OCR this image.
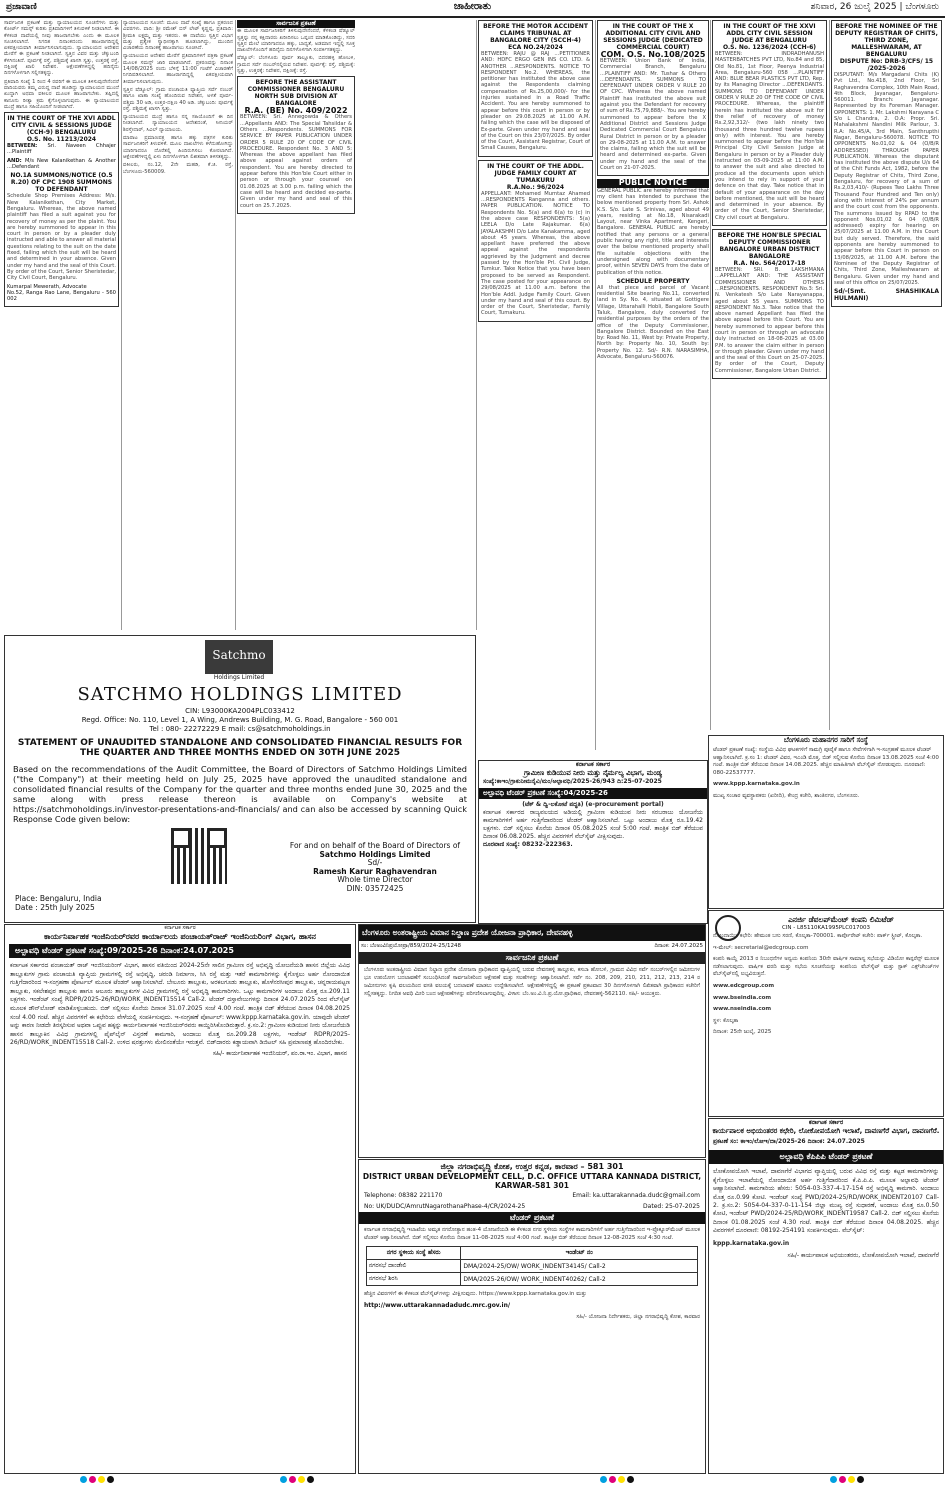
ಪ್ರಜಾವಾಣಿ	ಜಾಹೀರಾತು	ಶನಿವಾರ, 26 ಜುಲೈ 2025 | ಬೆಂಗಳೂರು

ಸಾರ್ವಜನಿಕ ಪ್ರಕಟಣೆ ಮತ್ತು ನ್ಯಾಯಾಲಯದ ಸೂಚನೆಗಳು ಮತ್ತು ಕೋರ್ಟ್ ಸಮನ್ಸ್ ಕುರಿತು ಪ್ರತಿವಾದಿಗಳಿಗೆ ತಿಳುವಳಿಕೆ ನೀಡಲಾಗಿದೆ. ಈ ಕೆಳಕಂಡ ದಾವೆಯಲ್ಲಿ ನೀವು ಹಾಜರಾಗಬೇಕು ಎಂದು ಈ ಮೂಲಕ ಸೂಚಿಸಲಾಗಿದೆ. ನಿಗದಿತ ದಿನಾಂಕದಂದು ಹಾಜರಾಗದಿದ್ದಲ್ಲಿ ಏಕಪಕ್ಷೀಯವಾಗಿ ತೀರ್ಮಾನಿಸಲಾಗುವುದು. ನ್ಯಾಯಾಲಯದ ಆದೇಶದ ಮೇರೆಗೆ ಈ ಪ್ರಕಟಣೆ ನೀಡಲಾಗಿದೆ. ಸ್ವತ್ತಿನ ವಿವರ ಮತ್ತು ಚೆಕ್ಕುಬಂದಿ ಕೆಳಗಿನಂತಿದೆ. ಪೂರ್ವಕ್ಕೆ ರಸ್ತೆ, ಪಶ್ಚಿಮಕ್ಕೆ ಖಾಸಗಿ ಸ್ವತ್ತು, ಉತ್ತರಕ್ಕೆ ರಸ್ತೆ, ದಕ್ಷಿಣಕ್ಕೆ ಖಾಲಿ ನಿವೇಶನ. ಆಕ್ಷೇಪಣೆಗಳಿದ್ದಲ್ಲಿ ಹದಿನೈದು ದಿನಗಳೊಳಗಾಗಿ ಸಲ್ಲಿಸತಕ್ಕದ್ದು.

ಪ್ರತಿವಾದಿ ಸಂಖ್ಯೆ 1 ರಿಂದ 4 ರವರಿಗೆ ಈ ಮೂಲಕ ತಿಳಿಸುವುದೇನೆಂದರೆ ವಾದಿಯವರು ತಮ್ಮ ವಿರುದ್ಧ ದಾವೆ ಹೂಡಿದ್ದು ನ್ಯಾಯಾಲಯದ ಮುಂದೆ ಖುದ್ದಾಗಿ ಅಥವಾ ವಕೀಲರ ಮೂಲಕ ಹಾಜರಾಗಬೇಕು. ತಪ್ಪಿದಲ್ಲಿ ಕಾನೂನು ರೀತ್ಯಾ ಕ್ರಮ ಕೈಗೊಳ್ಳಲಾಗುವುದು. ಈ ನ್ಯಾಯಾಲಯದ ಮುದ್ರೆ ಹಾಗೂ ಸಹಿಯೊಂದಿಗೆ ನೀಡಲಾಗಿದೆ.

IN THE COURT OF THE XVI ADDL CITY CIVIL & SESSIONS JUDGE (CCH-9) BENGALURU
O.S. No. 11213/2024

BETWEEN: Sri. Naveen Chhajer ...Plaintiff

AND: M/s New Kalanikethan & Another ...Defendant

NO.1A SUMMONS/NOTICE (O.5 R.20) OF CPC 1908 SUMMONS TO DEFENDANT

Schedule Shop Premises Address: M/s. New Kalanikethan, City Market, Bengaluru. Whereas, the above named plaintiff has filed a suit against you for recovery of money as per the plaint. You are hereby summoned to appear in this court in person or by a pleader duly instructed and able to answer all material questions relating to the suit on the date fixed, failing which the suit will be heard and determined in your absence. Given under my hand and the seal of this Court. By order of the Court, Senior Sheristedar, City Civil Court, Bengaluru.

Kumarpal Mewerath, Advocate
No.52, Ranga Rao Lane, Bengaluru - 560 002

ನ್ಯಾಯಾಲಯದ ಸೂಚನೆ: ಮೂಲ ದಾವೆ ಸಂಖ್ಯೆ ಹಾಗೂ ಪ್ರಕರಣದ ವಿವರಗಳು. ವಾದಿ: ಶ್ರೀ ರಮೇಶ್ ಬಿನ್ ಲೇಟ್ ಕೃಷ್ಣಪ್ಪ, ಪ್ರತಿವಾದಿ: ಶ್ರೀಮತಿ ಲಕ್ಷ್ಮಮ್ಮ ಮತ್ತು ಇತರರು. ಈ ದಾವೆಯು ಸ್ವತ್ತಿನ ವಿಭಾಗ ಮತ್ತು ಪ್ರತ್ಯೇಕ ಸ್ವಾಧೀನಕ್ಕಾಗಿ ಹೂಡಲಾಗಿದ್ದು, ಮುಂದಿನ ವಿಚಾರಣೆಯ ದಿನಾಂಕಕ್ಕೆ ಹಾಜರಾಗಲು ಸೂಚಿಸಿದೆ.

ನ್ಯಾಯಾಲಯದ ಆದೇಶದ ಮೇರೆಗೆ ಪ್ರತಿವಾದಿಗಳಿಗೆ ಪತ್ರಿಕಾ ಪ್ರಕಟಣೆ ಮೂಲಕ ಸಮನ್ಸ್ ಜಾರಿ ಮಾಡಲಾಗಿದೆ. ಪ್ರಕರಣವನ್ನು ದಿನಾಂಕ 14/08/2025 ರಂದು ಬೆಳಿಗ್ಗೆ 11:00 ಗಂಟೆಗೆ ವಿಚಾರಣೆಗೆ ನಿಗದಿಪಡಿಸಲಾಗಿದೆ. ಹಾಜರಾಗದಿದ್ದಲ್ಲಿ ಏಕಪಕ್ಷೀಯವಾಗಿ ತೀರ್ಮಾನಿಸಲಾಗುವುದು.

ಸ್ವತ್ತಿನ ಷೆಡ್ಯೂಲ್: ಗ್ರಾಮ ಪಂಚಾಯತಿ ವ್ಯಾಪ್ತಿಯ ಸರ್ವೆ ನಂಬರ್ ಹಾಗೂ ಖಾತಾ ಸಂಖ್ಯೆ ಹೊಂದಿರುವ ನಿವೇಶನ, ಅಳತೆ ಪೂರ್ವ-ಪಶ್ಚಿಮ 30 ಅಡಿ, ಉತ್ತರ-ದಕ್ಷಿಣ 40 ಅಡಿ. ಚೆಕ್ಕುಬಂದಿ: ಪೂರ್ವಕ್ಕೆ ರಸ್ತೆ, ಪಶ್ಚಿಮಕ್ಕೆ ಖಾಸಗಿ ಸ್ವತ್ತು.

ನ್ಯಾಯಾಲಯದ ಮುದ್ರೆ ಹಾಗೂ ನನ್ನ ಸಹಿಯೊಂದಿಗೆ ಈ ದಿನ ನೀಡಲಾಗಿದೆ. ನ್ಯಾಯಾಲಯದ ಆದೇಶದಂತೆ, ಸೀನಿಯರ್ ಶಿರಸ್ತೇದಾರ್, ಸಿವಿಲ್ ನ್ಯಾಯಾಲಯ.

ಮಾರಾಟ ಪ್ರಮಾಣಪತ್ರ ಹಾಗೂ ಹಕ್ಕು ಪತ್ರಗಳ ಕುರಿತು ಸಾರ್ವಜನಿಕರಿಗೆ ತಿಳುವಳಿಕೆ. ಮೂಲ ದಾಖಲೆಗಳು ಕಳೆದುಹೋಗಿದ್ದು ಯಾರಿಗಾದರೂ ದೊರೆತಲ್ಲಿ ಹಿಂದಿರುಗಿಸಲು ಕೋರಲಾಗಿದೆ. ಆಕ್ಷೇಪಣೆಗಳಿದ್ದಲ್ಲಿ ಏಳು ದಿನಗಳೊಳಗಾಗಿ ಲಿಖಿತವಾಗಿ ತಿಳಿಸತಕ್ಕದ್ದು.

ವಕೀಲರು, ನಂ.12, 2ನೇ ಮಹಡಿ, ಕೆ.ಜಿ. ರಸ್ತೆ, ಬೆಂಗಳೂರು-560009.

ಸಾರ್ವಜನಿಕ ಪ್ರಕಟಣೆ

ಈ ಮೂಲಕ ಸಾರ್ವಜನಿಕರಿಗೆ ತಿಳಿಸುವುದೇನೆಂದರೆ, ಕೆಳಕಂಡ ಷೆಡ್ಯೂಲ್ ಸ್ವತ್ತನ್ನು ನನ್ನ ಕಕ್ಷಿದಾರರು ಖರೀದಿಸಲು ಒಪ್ಪಂದ ಮಾಡಿಕೊಂಡಿದ್ದು, ಸದರಿ ಸ್ವತ್ತಿನ ಮೇಲೆ ಯಾರಿಗಾದರೂ ಹಕ್ಕು, ಬಾಧ್ಯತೆ, ಅಡಮಾನ ಇದ್ದಲ್ಲಿ ಸೂಕ್ತ ದಾಖಲೆಗಳೊಂದಿಗೆ ಹದಿನೈದು ದಿನಗಳೊಳಗಾಗಿ ಸಂಪರ್ಕಿಸತಕ್ಕದ್ದು.

ಷೆಡ್ಯೂಲ್: ಬೆಂಗಳೂರು ಪೂರ್ವ ತಾಲ್ಲೂಕು, ಬಿದರಹಳ್ಳಿ ಹೋಬಳಿ, ಗ್ರಾಮದ ಸರ್ವೆ ನಂಬರ್‌ನಲ್ಲಿರುವ ನಿವೇಶನ. ಪೂರ್ವಕ್ಕೆ: ರಸ್ತೆ, ಪಶ್ಚಿಮಕ್ಕೆ: ಸ್ವತ್ತು, ಉತ್ತರಕ್ಕೆ: ನಿವೇಶನ, ದಕ್ಷಿಣಕ್ಕೆ: ರಸ್ತೆ.

BEFORE THE ASSISTANT COMMISSIONER BENGALURU NORTH SUB DIVISION AT BANGALORE
R.A. (BE) No. 409/2022

BETWEEN: Sri. Annegowda & Others ...Appellants AND: The Special Tahsildar & Others ...Respondents. SUMMONS FOR SERVICE BY PAPER PUBLICATION UNDER ORDER 5 RULE 20 OF CODE OF CIVIL PROCEDURE. Respondent No. 3 AND 5: Whereas the above appellant has filed above appeal against orders of respondent. You are hereby directed to appear before this Hon'ble Court either in person or through your counsel on 01.08.2025 at 3.00 p.m. failing which the case will be heard and decided ex-parte. Given under my hand and seal of this court on 25.7.2025.

BEFORE THE MOTOR ACCIDENT CLAIMS TRIBUNAL AT BANGALORE CITY (SCCH-4)
ECA NO.24/2024

BETWEEN: RAJU @ RAJ ...PETITIONER AND: HDFC ERGO GEN INS CO. LTD. & ANOTHER ...RESPONDENTS. NOTICE TO RESPONDENT No.2. WHEREAS, the petitioner has instituted the above case against the Respondents claiming compensation of Rs.25,00,000/- for the injuries sustained in a Road Traffic Accident. You are hereby summoned to appear before this court in person or by pleader on 29.08.2025 at 11.00 A.M. failing which the case will be disposed of Ex-parte. Given under my hand and seal of the Court on this 23/07/2025. By order of the Court, Assistant Registrar, Court of Small Causes, Bengaluru.

IN THE COURT OF THE ADDL. JUDGE FAMILY COURT AT TUMAKURU
R.A.No.: 96/2024

APPELLANT: Mohamed Mumtaz Ahamed ...RESPONDENTS Ranganna and others. PAPER PUBLICATION. NOTICE TO Respondents No. 5(a) and 6(a) to (c) in the above case RESPONDENTS: 5(a) LEELA D/o Late Rajakumar. 6(a) JAYALAKSHMI D/o Late Kanakamma, aged about 45 years. Whereas, the above appellant have preferred the above appeal against the respondents aggrieved by the Judgment and decree passed by the Hon'ble Prl. Civil Judge, Tumkur. Take Notice that you have been proposed to be served as Respondent. The case posted for your appearance on 29/08/2025 at 11.00 a.m. before the Hon'ble Addl. Judge Family Court. Given under my hand and seal of this court. By order of the Court, Sheristedar, Family Court, Tumakuru.

IN THE COURT OF THE X ADDITIONAL CITY CIVIL AND SESSIONS JUDGE (DEDICATED COMMERCIAL COURT)
COM. O.S. No.108/2025

BETWEEN: Union Bank of India, Commercial Branch, Bengaluru ...PLAINTIFF AND: Mr. Tushar & Others ...DEFENDANTS. SUMMONS TO DEFENDANT UNDER ORDER V RULE 20 OF CPC. Whereas the above named Plaintiff has instituted the above suit against you the Defendant for recovery of sum of Rs.75,79,888/-. You are hereby summoned to appear before the X Additional District and Sessions Judge Dedicated Commercial Court Bengaluru Rural District in person or by a pleader on 29-08-2025 at 11.00 A.M. to answer the claims, failing which the suit will be heard and determined ex-parte. Given under my hand and the seal of the Court on 21-07-2025.

PUBLIC NOTICE

GENERAL PUBLIC are hereby informed that my client has intended to purchase the below mentioned property from Sri. Ashok K.S. S/o. Late S. Srinivas, aged about 49 years, residing at No.18, Nisarakadi Layout, near Vinka Apartment, Kengeri, Bangalore. GENERAL PUBLIC are hereby notified that any persons or a general public having any right, title and interests over the below mentioned property shall file suitable objections with the undersigned along with documentary proof, within SEVEN DAYS from the date of publication of this notice.

SCHEDULE PROPERTY

All that piece and parcel of Vacant residential Site bearing No.11, converted land in Sy. No. 4, situated at Gottigere Village, Uttarahalli Hobli, Bangalore South Taluk, Bangalore, duly converted for residential purposes by the orders of the office of the Deputy Commissioner, Bangalore District. Bounded on the East by: Road No. 11, West by: Private Property, North by: Property No. 10, South by: Property No. 12. Sd/- R.N. NARASIMHA, Advocate, Bengaluru-560076.

IN THE COURT OF THE XXVI ADDL CITY CIVIL SESSION JUDGE AT BENGALURU
O.S. No. 1236/2024 (CCH-6)

BETWEEN: INDRADHANUSH MASTERBATCHES PVT LTD, No.84 and 85, Old No.81, 1st Floor, Peenya Industrial Area, Bengaluru-560 058 ...PLAINTIFF AND: BLUE BEAR PLASTICS PVT LTD, Rep. by its Managing Director ...DEFENDANTS. SUMMONS TO DEFENDANT UNDER ORDER V RULE 20 OF THE CODE OF CIVIL PROCEDURE. Whereas, the plaintiff herein has instituted the above suit for the relief of recovery of money Rs.2,92,312/- (two lakh ninety two thousand three hundred twelve rupees only) with interest. You are hereby summoned to appear before the Hon'ble Principal City Civil Session Judge at Bengaluru in person or by a Pleader duly instructed on 03-09-2025 at 11:00 A.M. to answer the suit and also directed to produce all the documents upon which you intend to rely in support of your defence on that day. Take notice that in default of your appearance on the day before mentioned, the suit will be heard and determined in your absence. By order of the Court, Senior Sheristedar, City civil court at Bengaluru.

BEFORE THE HON'BLE SPECIAL DEPUTY COMMISSIONER BANGALORE URBAN DISTRICT BANGALORE
R.A. No. 564/2017-18

BETWEEN: SRI. B. LAKSHMANA ...APPELLANT AND: THE ASSISTANT COMMISSIONER AND OTHERS ...RESPONDENTS. RESPONDENT No.3: Sri. N. Venkatesh S/o Late Narayanappa, aged about 55 years. SUMMONS TO RESPONDENT No.3. Take notice that the above named Appellant has filed the above appeal before this Court. You are hereby summoned to appear before this court in person or through an advocate duly instructed on 18-08-2025 at 03.00 P.M. to answer the claim either in person or through pleader. Given under my hand and the seal of this Court on 25-07-2025. By order of the Court, Deputy Commissioner, Bangalore Urban District.

BEFORE THE NOMINEE OF THE DEPUTY REGISTRAR OF CHITS, THIRD ZONE, MALLESHWARAM, AT BENGALURU
DISPUTE No: DRB-3/CFS/ 15 /2025-2026

DISPUTANT: M/s Margadarsi Chits (K) Pvt Ltd., No.418, 2nd Floor, Sri Raghavendra Complex, 10th Main Road, 4th Block, Jayanagar, Bengaluru-560011. Branch: Jayanagar. Represented by its Foreman Manager. OPPONENTS: 1. Mr. Lakshmi Narayana C S/o L Chandra, 2. O.A: Propr. Sri. Mahalakshmi Nandini Milk Parlour, 3. R.A: No.45/A, 3rd Main, Santhrupthi Nagar, Bengaluru-560078. NOTICE TO OPPONENTS No.01,02 & 04 (O/B/R ADDRESSED) THROUGH PAPER PUBLICATION. Whereas the disputant has instituted the above dispute U/s 64 of the Chit Funds Act, 1982, before the Deputy Registrar of Chits, Third Zone, Bengaluru, for recovery of a sum of Rs.2,03,410/- (Rupees Two Lakhs Three Thousand Four Hundred and Ten only) along with interest of 24% per annum and the court cost from the opponents. The summons issued by RPAD to the opponent Nos.01,02 & 04 (O/B/R addressed) expiry for hearing on 25/07/2025 at 11.00 A.M. in this Court but duly served. Therefore, the said opponents are hereby summoned to appear before this Court in person on 13/08/2025, at 11.00 A.M. before the Nominee of the Deputy Registrar of Chits, Third Zone, Malleshwaram at Bengaluru. Given under my hand and seal of this office on 25/07/2025.

Sd/-(Smt. SHASHIKALA HULMANI)

Satchmo
Holdings Limited
SATCHMO HOLDINGS LIMITED
CIN: L93000KA2004PLC033412
Regd. Office: No. 110, Level 1, A Wing, Andrews Building, M. G. Road, Bangalore - 560 001
Tel : 080- 22272229 E mail: cs@satchmoholdings.in
STATEMENT OF UNAUDITED STANDALONE AND CONSOLIDATED FINANCIAL RESULTS FOR THE QUARTER AND THREE MONTHS ENDED ON 30TH JUNE 2025
Based on the recommendations of the Audit Committee, the Board of Directors of Satchmo Holdings Limited ("the Company") at their meeting held on July 25, 2025 have approved the unaudited standalone and consolidated financial results of the Company for the quarter and three months ended June 30, 2025 and the same along with press release thereon is available on Company's website at https://satchmoholdings.in/investor-presentations-and-financials/ and can also be accessed by scanning Quick Response Code given below:
For and on behalf of the Board of Directors of
Satchmo Holdings Limited
Sd/-
Ramesh Karur Raghavendran
Whole time Director
DIN: 03572425
Place: Bengaluru, India
Date : 25th July 2025
ಕರ್ನಾಟಕ ಸರ್ಕಾರ
ಗ್ರಾಮೀಣ ಕುಡಿಯುವ ನೀರು ಮತ್ತು ನೈರ್ಮಲ್ಯ ವಿಭಾಗ, ಮಂಡ್ಯ
ಸಂಖ್ಯೆ:ಕಾಇಂ/ಗ್ರಾಕುನೀಮನೈವಿ/ಮಂ/ಅಲ್ಪಾವಧಿ/2025-26/943 ದಿ:25-07-2025
ಅಲ್ಪಾವಧಿ ಟೆಂಡರ್ ಪ್ರಕಟಣೆ ಸಂಖ್ಯೆ:04/2025-26
(ಟೆಕ್ & ದ್ವಿ-ಲಕೋಟೆ ಪದ್ಧತಿ) (e-procurement portal)
ಕರ್ನಾಟಕ ಸರ್ಕಾರದ ರಾಜ್ಯವಲಯದ ಅಡಿಯಲ್ಲಿ ಗ್ರಾಮೀಣ ಕುಡಿಯುವ ನೀರು ಸರಬರಾಜು ಯೋಜನೆಯ ಕಾಮಗಾರಿಗಳಿಗೆ ಅರ್ಹ ಗುತ್ತಿಗೆದಾರರಿಂದ ಟೆಂಡರ್ ಆಹ್ವಾನಿಸಲಾಗಿದೆ. ಒಟ್ಟು ಅಂದಾಜು ಮೊತ್ತ ರೂ.19.42 ಲಕ್ಷಗಳು. ಬಿಡ್ ಸಲ್ಲಿಸಲು ಕೊನೆಯ ದಿನಾಂಕ 05.08.2025 ಸಂಜೆ 5:00 ಗಂಟೆ. ತಾಂತ್ರಿಕ ಬಿಡ್ ತೆರೆಯುವ ದಿನಾಂಕ 06.08.2025. ಹೆಚ್ಚಿನ ವಿವರಗಳಿಗೆ ವೆಬ್‌ಸೈಟ್ ವೀಕ್ಷಿಸುವುದು.
ದೂರವಾಣಿ ಸಂಖ್ಯೆ: 08232-222363.
ಬೆಂಗಳೂರು ಮಹಾನಗರ ಸಾರಿಗೆ ಸಂಸ್ಥೆ
ಟೆಂಡರ್ ಪ್ರಕಟಣೆ ಸಂಖ್ಯೆ: ಸಂಸ್ಥೆಯ ವಿವಿಧ ಘಟಕಗಳಿಗೆ ಸಾಮಗ್ರಿ ಪೂರೈಕೆ ಹಾಗೂ ಸೇವೆಗಳಿಗಾಗಿ ಇ-ಸಂಗ್ರಹಣೆ ಮೂಲಕ ಟೆಂಡರ್ ಆಹ್ವಾನಿಸಲಾಗಿದೆ. ಕ್ರ.ಸಂ 1: ಟೆಂಡರ್ ವಿವರ, ಇಎಂಡಿ ಮೊತ್ತ, ಬಿಡ್ ಸಲ್ಲಿಸುವ ಕೊನೆಯ ದಿನಾಂಕ 13.08.2025 ಸಂಜೆ 4:00 ಗಂಟೆ. ತಾಂತ್ರಿಕ ಬಿಡ್ ತೆರೆಯುವ ದಿನಾಂಕ 14.08.2025. ಹೆಚ್ಚಿನ ಮಾಹಿತಿಗಾಗಿ ವೆಬ್‌ಸೈಟ್ ನೋಡುವುದು. ದೂರವಾಣಿ: 080-22537777.
www.kppp.karnataka.gov.in
ಮುಖ್ಯ ಸಂಚಾರ ವ್ಯವಸ್ಥಾಪಕರು (ಖರೀದಿ), ಕೇಂದ್ರ ಕಚೇರಿ, ಶಾಂತಿನಗರ, ಬೆಂಗಳೂರು.
ಎನರ್ಜಿ ಡೆವಲಪ್‌ಮೆಂಟ್ ಕಂಪನಿ ಲಿಮಿಟೆಡ್
CIN - L85110KA1995PLC017003
ನೋಂದಾಯಿತ ಕಛೇರಿ: ಹೇಮಂತ ಬಸು ಸರಣಿ, ಕೊಲ್ಕತಾ-700001. ಕಾರ್ಪೊರೇಟ್ ಕಚೇರಿ: ಪಾರ್ಕ್ ಸ್ಟ್ರೀಟ್, ಕೊಲ್ಕತಾ.
ಇ-ಮೇಲ್: secretarial@edcgroup.com
ಕಂಪನಿ ಕಾಯ್ದೆ 2013 ರ ನಿಬಂಧನೆಗಳ ಅನ್ವಯ ಕಂಪನಿಯ 30ನೇ ವಾರ್ಷಿಕ ಸಾಮಾನ್ಯ ಸಭೆಯನ್ನು ವಿಡಿಯೋ ಕಾನ್ಫರೆನ್ಸ್ ಮೂಲಕ ನಡೆಸಲಾಗುವುದು. ವಾರ್ಷಿಕ ವರದಿ ಮತ್ತು ಸಭೆಯ ಸೂಚನೆಯನ್ನು ಕಂಪನಿಯ ವೆಬ್‌ಸೈಟ್ ಮತ್ತು ಸ್ಟಾಕ್ ಎಕ್ಸ್‌ಚೇಂಜ್‌ಗಳ ವೆಬ್‌ಸೈಟ್‌ನಲ್ಲಿ ಲಭ್ಯವಿರುತ್ತದೆ.
www.edcgroup.com
www.bseindia.com
www.nseindia.com
ಸ್ಥಳ: ಕೊಲ್ಕತಾ
ದಿನಾಂಕ: 25ನೇ ಜುಲೈ, 2025
ಕರ್ನಾಟಕ ಸರ್ಕಾರ
ಕಾರ್ಯನಿರ್ವಾಹಕ ಇಂಜಿನಿಯರ್‌ರವರ ಕಾರ್ಯಾಲಯ ಪಂಚಾಯತ್‌ರಾಜ್ ಇಂಜಿನಿಯರಿಂಗ್ ವಿಭಾಗ, ಹಾಸನ
ಅಲ್ಪಾವಧಿ ಟೆಂಡರ್ ಪ್ರಕಟಣೆ ಸಂಖ್ಯೆ:09/2025-26 ದಿನಾಂಕ:24.07.2025
ಕರ್ನಾಟಕ ಸರ್ಕಾರದ ಪಂಚಾಯತ್ ರಾಜ್ ಇಂಜಿನಿಯರಿಂಗ್ ವಿಭಾಗ, ಹಾಸನ ವತಿಯಿಂದ 2024-25ನೇ ಸಾಲಿನ ಗ್ರಾಮೀಣ ರಸ್ತೆ ಅಭಿವೃದ್ಧಿ ಯೋಜನೆಯಡಿ ಹಾಸನ ಜಿಲ್ಲೆಯ ವಿವಿಧ ತಾಲ್ಲೂಕುಗಳ ಗ್ರಾಮ ಪಂಚಾಯತಿ ವ್ಯಾಪ್ತಿಯ ಗ್ರಾಮಗಳಲ್ಲಿ ರಸ್ತೆ ಅಭಿವೃದ್ಧಿ, ಚರಂಡಿ ನಿರ್ಮಾಣ, ಸಿಸಿ ರಸ್ತೆ ಮತ್ತು ಇತರೆ ಕಾಮಗಾರಿಗಳನ್ನು ಕೈಗೊಳ್ಳಲು ಅರ್ಹ ನೋಂದಾಯಿತ ಗುತ್ತಿಗೆದಾರರಿಂದ ಇ-ಸಂಗ್ರಹಣಾ ಪೋರ್ಟಲ್ ಮೂಲಕ ಟೆಂಡರ್ ಆಹ್ವಾನಿಸಲಾಗಿದೆ. ಬೇಲೂರು ತಾಲ್ಲೂಕು, ಅರಕಲಗೂಡು ತಾಲ್ಲೂಕು, ಹೊಳೆನರಸೀಪುರ ತಾಲ್ಲೂಕು, ಚನ್ನರಾಯಪಟ್ಟಣ ತಾಲ್ಲೂಕು, ಸಕಲೇಶಪುರ ತಾಲ್ಲೂಕು ಹಾಗೂ ಆಲೂರು ತಾಲ್ಲೂಕುಗಳ ವಿವಿಧ ಗ್ರಾಮಗಳಲ್ಲಿ ರಸ್ತೆ ಅಭಿವೃದ್ಧಿ ಕಾಮಗಾರಿಗಳು. ಒಟ್ಟು ಕಾಮಗಾರಿಗಳ ಅಂದಾಜು ಮೊತ್ತ ರೂ.209.11 ಲಕ್ಷಗಳು. ಇಂಡೆಂಟ್ ಸಂಖ್ಯೆ RDPR/2025-26/RD/WORK_INDENT15514 Call-2. ಟೆಂಡರ್ ದಸ್ತಾವೇಜುಗಳನ್ನು ದಿನಾಂಕ 24.07.2025 ರಿಂದ ವೆಬ್‌ಸೈಟ್ ಮೂಲಕ ಡೌನ್‌ಲೋಡ್ ಮಾಡಿಕೊಳ್ಳಬಹುದು. ಬಿಡ್ ಸಲ್ಲಿಸಲು ಕೊನೆಯ ದಿನಾಂಕ 31.07.2025 ಸಂಜೆ 4.00 ಗಂಟೆ. ತಾಂತ್ರಿಕ ಬಿಡ್ ತೆರೆಯುವ ದಿನಾಂಕ 04.08.2025 ಸಂಜೆ 4.00 ಗಂಟೆ. ಹೆಚ್ಚಿನ ವಿವರಗಳಿಗೆ ಈ ಕಛೇರಿಯ ವೇಳೆಯಲ್ಲಿ ಸಂಪರ್ಕಿಸುವುದು. ಇ-ಸಂಗ್ರಹಣೆ ಪೋರ್ಟಲ್: www.kppp.karnataka.gov.in. ಯಾವುದೇ ಟೆಂಡರ್ ಅನ್ನು ಕಾರಣ ನೀಡದೇ ತಿರಸ್ಕರಿಸುವ ಅಥವಾ ಒಪ್ಪುವ ಹಕ್ಕನ್ನು ಕಾರ್ಯನಿರ್ವಾಹಕ ಇಂಜಿನಿಯರ್‌ರವರು ಕಾಯ್ದಿರಿಸಿಕೊಂಡಿರುತ್ತಾರೆ. ಕ್ರ.ಸಂ.2: ಗ್ರಾಮೀಣ ಕುಡಿಯುವ ನೀರು ಯೋಜನೆಯಡಿ ಹಾಸನ ತಾಲ್ಲೂಕಿನ ವಿವಿಧ ಗ್ರಾಮಗಳಲ್ಲಿ ಪೈಪ್‌ಲೈನ್ ವಿಸ್ತರಣೆ ಕಾಮಗಾರಿ, ಅಂದಾಜು ಮೊತ್ತ ರೂ.209.28 ಲಕ್ಷಗಳು, ಇಂಡೆಂಟ್ RDPR/2025-26/RD/WORK_INDENT15518 Call-2. ಉಳಿದ ಷರತ್ತುಗಳು ಮೇಲಿನಂತೆಯೇ ಇರುತ್ತವೆ. ಬಿಡ್‌ದಾರರು ಕಡ್ಡಾಯವಾಗಿ ಡಿಜಿಟಲ್ ಸಹಿ ಪ್ರಮಾಣಪತ್ರ ಹೊಂದಿರಬೇಕು.
ಸಹಿ/- ಕಾರ್ಯನಿರ್ವಾಹಕ ಇಂಜಿನಿಯರ್, ಪಂ.ರಾ.ಇಂ. ವಿಭಾಗ, ಹಾಸನ
ಬೆಂಗಳೂರು ಅಂತರಾಷ್ಟ್ರೀಯ ವಿಮಾನ ನಿಲ್ದಾಣ ಪ್ರದೇಶ ಯೋಜನಾ ಪ್ರಾಧಿಕಾರ, ದೇವನಹಳ್ಳಿ
ಸಂ: ಬೆಂಅಂವಿನಿಪ್ರಯೋಪ್ರಾ/859/2024-25/1248	ದಿನಾಂಕ: 24.07.2025
ಸಾರ್ವಜನಿಕ ಪ್ರಕಟಣೆ
ಬೆಂಗಳೂರು ಅಂತರಾಷ್ಟ್ರೀಯ ವಿಮಾನ ನಿಲ್ದಾಣ ಪ್ರದೇಶ ಯೋಜನಾ ಪ್ರಾಧಿಕಾರದ ವ್ಯಾಪ್ತಿಯಲ್ಲಿ ಬರುವ ದೇವನಹಳ್ಳಿ ತಾಲ್ಲೂಕು, ಕಸಬಾ ಹೋಬಳಿ, ಗ್ರಾಮದ ವಿವಿಧ ಸರ್ವೆ ನಂಬರ್‌ಗಳಲ್ಲಿನ ಜಮೀನುಗಳ ಭೂ ಉಪಯೋಗ ಬದಲಾವಣೆಗೆ ಸಂಬಂಧಿಸಿದಂತೆ ಸಾರ್ವಜನಿಕರಿಂದ ಆಕ್ಷೇಪಣೆ ಮತ್ತು ಸಲಹೆಗಳನ್ನು ಆಹ್ವಾನಿಸಲಾಗಿದೆ. ಸರ್ವೆ ನಂ. 208, 209, 210, 211, 212, 213, 214 ರ ಜಮೀನುಗಳು ಕೃಷಿ ವಲಯದಿಂದ ವಸತಿ ವಲಯಕ್ಕೆ ಬದಲಾವಣೆ ಮಾಡಲು ಉದ್ದೇಶಿಸಲಾಗಿದೆ. ಆಕ್ಷೇಪಣೆಗಳಿದ್ದಲ್ಲಿ ಈ ಪ್ರಕಟಣೆ ಪ್ರಕಟವಾದ 30 ದಿನಗಳೊಳಗಾಗಿ ಲಿಖಿತವಾಗಿ ಪ್ರಾಧಿಕಾರದ ಕಚೇರಿಗೆ ಸಲ್ಲಿಸತಕ್ಕದ್ದು. ನಿಗದಿತ ಅವಧಿ ಮೀರಿ ಬಂದ ಆಕ್ಷೇಪಣೆಗಳನ್ನು ಪರಿಗಣಿಸಲಾಗುವುದಿಲ್ಲ. ವಿಳಾಸ: ಬೆಂ.ಅಂ.ವಿ.ನಿ.ಪ್ರ.ಯೋ.ಪ್ರಾಧಿಕಾರ, ದೇವನಹಳ್ಳಿ-562110. ಸಹಿ/- ಆಯುಕ್ತರು.
ಜಿಲ್ಲಾ ನಗರಾಭಿವೃದ್ಧಿ ಕೋಶ, ಉತ್ತರ ಕನ್ನಡ, ಕಾರವಾರ – 581 301
DISTRICT URBAN DEVELOPMENT CELL, D.C. OFFICE UTTARA KANNADA DISTRICT, KARWAR-581 301
Telephone: 08382 221170	Email: ka.uttarakannada.dudc@gmail.com
No: UK/DUDC/AmrutNagarothanaPhase-4/CR/2024-25	Dated: 25-07-2025
ಟೆಂಡರ್ ಪ್ರಕಟಣೆ
ಕರ್ನಾಟಕ ನಗರಾಭಿವೃದ್ಧಿ ಇಲಾಖೆಯ ಅಮೃತ ನಗರೋತ್ಥಾನ ಹಂತ-4 ಯೋಜನೆಯಡಿ ಈ ಕೆಳಕಂಡ ನಗರ ಸ್ಥಳೀಯ ಸಂಸ್ಥೆಗಳ ಕಾಮಗಾರಿಗಳಿಗೆ ಅರ್ಹ ಗುತ್ತಿಗೆದಾರರಿಂದ ಇ-ಪ್ರೊಕ್ಯೂರ್‌ಮೆಂಟ್ ಮೂಲಕ ಟೆಂಡರ್ ಆಹ್ವಾನಿಸಲಾಗಿದೆ. ಬಿಡ್ ಸಲ್ಲಿಸಲು ಕೊನೆಯ ದಿನಾಂಕ 11-08-2025 ಸಂಜೆ 4:00 ಗಂಟೆ. ತಾಂತ್ರಿಕ ಬಿಡ್ ತೆರೆಯುವ ದಿನಾಂಕ 12-08-2025 ಸಂಜೆ 4:30 ಗಂಟೆ.
ನಗರ ಸ್ಥಳೀಯ ಸಂಸ್ಥೆ ಹೆಸರು	ಇಂಡೆಂಟ್ ನಂ
ನಗರಸಭೆ ದಾಂಡೇಲಿ	DMA/2024-25/OW/ WORK_INDENT34145/ Call-2
ನಗರಸಭೆ ಶಿರಸಿ	DMA/2025-26/OW/ WORK_INDENT40262/ Call-2
ಹೆಚ್ಚಿನ ವಿವರಗಳಿಗೆ ಈ ಕೆಳಕಂಡ ವೆಬ್‌ಸೈಟ್‌ಗಳನ್ನು ವೀಕ್ಷಿಸುವುದು. https://www.kppp.karnataka.gov.in ಮತ್ತು
http://www.uttarakannadadudc.mrc.gov.in/
ಸಹಿ/- ಯೋಜನಾ ನಿರ್ದೇಶಕರು, ಜಿಲ್ಲಾ ನಗರಾಭಿವೃದ್ಧಿ ಕೋಶ, ಕಾರವಾರ
ಕರ್ನಾಟಕ ಸರ್ಕಾರ
ಕಾರ್ಯಪಾಲಕ ಅಭಿಯಂತರರ ಕಛೇರಿ, ಲೋಕೋಪಯೋಗಿ ಇಲಾಖೆ, ದಾವಣಗೆರೆ ವಿಭಾಗ, ದಾವಣಗೆರೆ.
ಪ್ರಕಟಣೆ ಸಂ: ಕಾಇಂ/ಲೋಇ/ದಾ/2025-26 ದಿನಾಂಕ: 24.07.2025
ಅಲ್ಪಾವಧಿ ಕೆಪಿಪಿಪಿ ಟೆಂಡರ್ ಪ್ರಕಟಣೆ
ಲೋಕೋಪಯೋಗಿ ಇಲಾಖೆ, ದಾವಣಗೆರೆ ವಿಭಾಗದ ವ್ಯಾಪ್ತಿಯಲ್ಲಿ ಬರುವ ವಿವಿಧ ರಸ್ತೆ ಮತ್ತು ಕಟ್ಟಡ ಕಾಮಗಾರಿಗಳನ್ನು ಕೈಗೊಳ್ಳಲು ಇಲಾಖೆಯಲ್ಲಿ ನೋಂದಾಯಿತ ಅರ್ಹ ಗುತ್ತಿಗೆದಾರರಿಂದ ಕೆ.ಪಿ.ಪಿ.ಪಿ. ಮೂಲಕ ಅಲ್ಪಾವಧಿ ಟೆಂಡರ್ ಆಹ್ವಾನಿಸಲಾಗಿದೆ. ಕಾಮಗಾರಿಯ ಹೆಸರು: 5054-03-337-4-17-154 ರಸ್ತೆ ಅಭಿವೃದ್ಧಿ ಕಾಮಗಾರಿ. ಅಂದಾಜು ಮೊತ್ತ ರೂ.0.99 ಕೋಟಿ. ಇಂಡೆಂಟ್ ಸಂಖ್ಯೆ PWD/2024-25/RD/WORK_INDENT20107 Call-2. ಕ್ರ.ಸಂ.2: 5054-04-337-0-11-154 ಜಿಲ್ಲಾ ಮುಖ್ಯ ರಸ್ತೆ ಸುಧಾರಣೆ, ಅಂದಾಜು ಮೊತ್ತ ರೂ.0.50 ಕೋಟಿ, ಇಂಡೆಂಟ್ PWD/2024-25/RD/WORK_INDENT19587 Call-2. ಬಿಡ್ ಸಲ್ಲಿಸಲು ಕೊನೆಯ ದಿನಾಂಕ 01.08.2025 ಸಂಜೆ 4.30 ಗಂಟೆ. ತಾಂತ್ರಿಕ ಬಿಡ್ ತೆರೆಯುವ ದಿನಾಂಕ 04.08.2025. ಹೆಚ್ಚಿನ ವಿವರಗಳಿಗೆ ದೂರವಾಣಿ: 08192-254191 ಸಂಪರ್ಕಿಸುವುದು. ವೆಬ್‌ಸೈಟ್:
kppp.karnataka.gov.in
ಸಹಿ/- ಕಾರ್ಯಪಾಲಕ ಅಭಿಯಂತರರು, ಲೋಕೋಪಯೋಗಿ ಇಲಾಖೆ, ದಾವಣಗೆರೆ
